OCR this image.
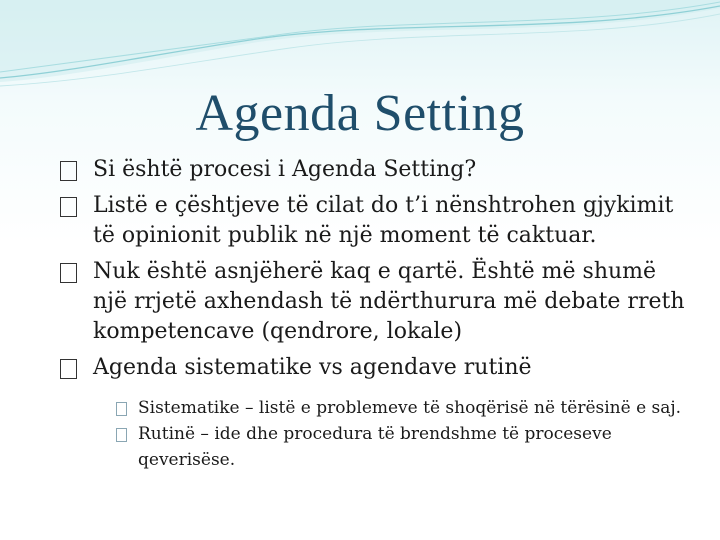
Agenda Setting
Si është procesi i Agenda Setting?
Listë e çështjeve të cilat do t’i nënshtrohen gjykimit të opinionit publik në një moment të caktuar.
Nuk është asnjëherë kaq e qartë. Është më shumë një rrjetë axhendash të ndërthurura më debate rreth kompetencave (qendrore, lokale)
Agenda sistematike vs agendave rutinë
Sistematike – listë e problemeve të shoqërisë në tërësinë e saj.
Rutinë – ide dhe procedura të brendshme të proceseve qeverisëse.
